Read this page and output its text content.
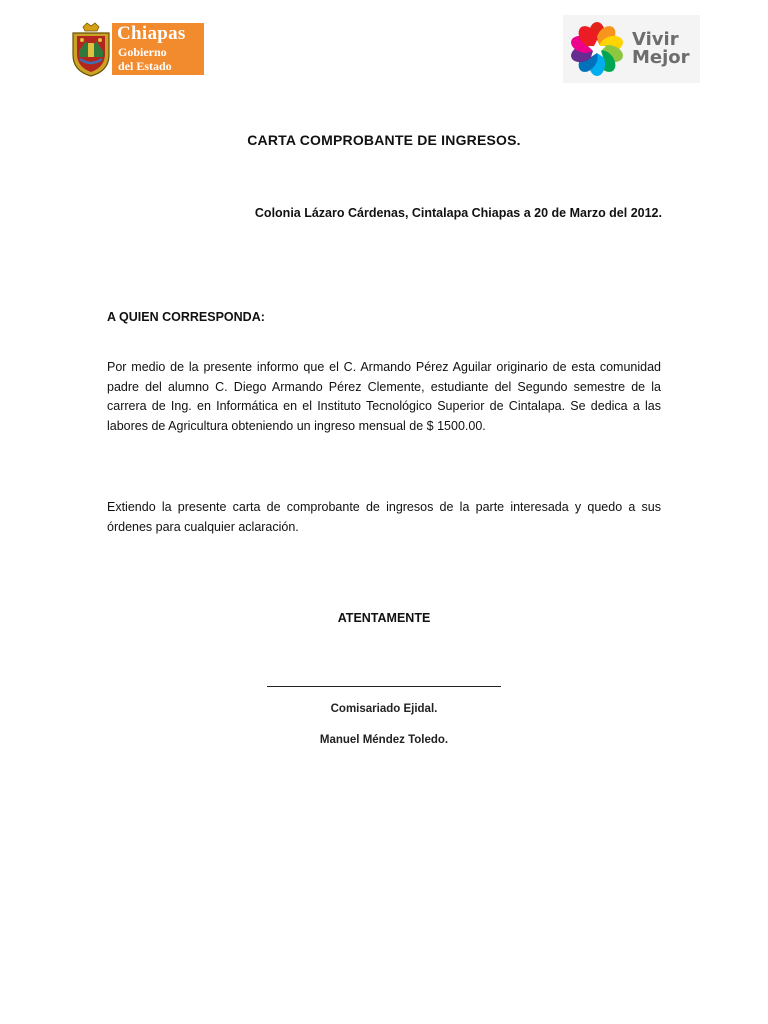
Chiapas
Gobierno
del Estado
Vivir
Mejor
CARTA COMPROBANTE DE INGRESOS.
Colonia Lázaro Cárdenas, Cintalapa Chiapas a 20 de Marzo del 2012.
A QUIEN CORRESPONDA:
Por medio de la presente informo que el C. Armando Pérez Aguilar originario de esta comunidad padre del alumno C. Diego Armando Pérez Clemente, estudiante del Segundo semestre de la carrera de Ing. en Informática en el Instituto Tecnológico Superior de Cintalapa. Se dedica a las labores de Agricultura obteniendo un ingreso mensual de $ 1500.00.
Extiendo la presente carta de comprobante de ingresos de la parte interesada y quedo a sus órdenes para cualquier aclaración.
ATENTAMENTE
Comisariado Ejidal.
Manuel Méndez Toledo.
